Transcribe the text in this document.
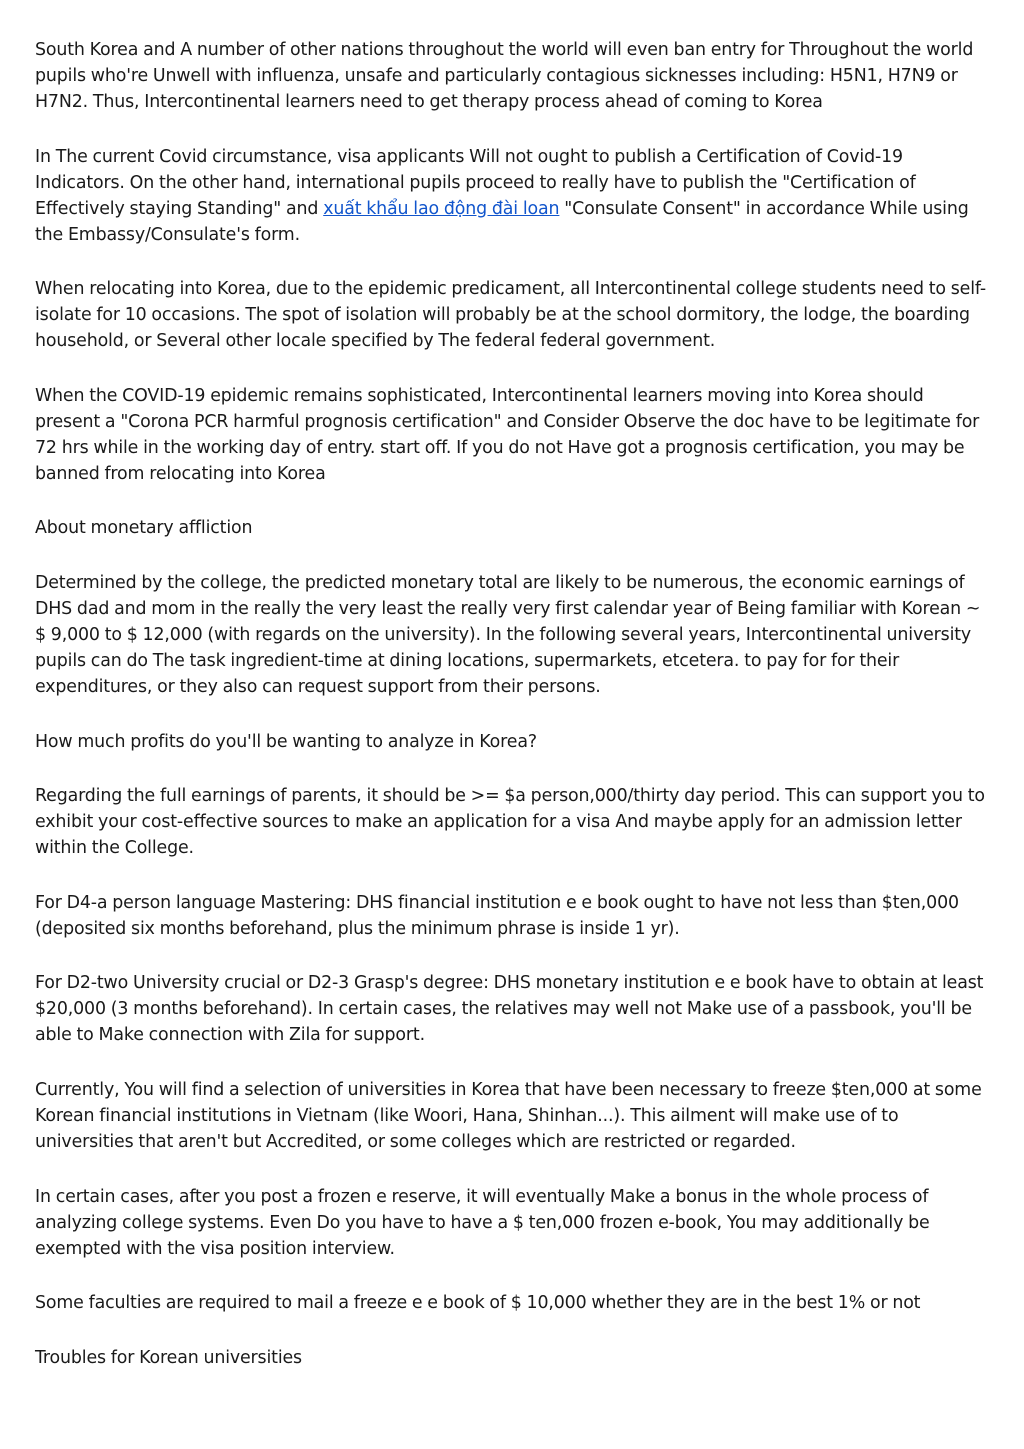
South Korea and A number of other nations throughout the world will even ban entry for Throughout the world pupils who're Unwell with influenza, unsafe and particularly contagious sicknesses including: H5N1, H7N9 or H7N2. Thus, Intercontinental learners need to get therapy process ahead of coming to Korea

In The current Covid circumstance, visa applicants Will not ought to publish a Certification of Covid-19 Indicators. On the other hand, international pupils proceed to really have to publish the "Certification of Effectively staying Standing" and xuất khẩu lao động đài loan "Consulate Consent" in accordance While using the Embassy/Consulate's form.

When relocating into Korea, due to the epidemic predicament, all Intercontinental college students need to self-isolate for 10 occasions. The spot of isolation will probably be at the school dormitory, the lodge, the boarding household, or Several other locale specified by The federal federal government.

When the COVID-19 epidemic remains sophisticated, Intercontinental learners moving into Korea should present a "Corona PCR harmful prognosis certification" and Consider Observe the doc have to be legitimate for 72 hrs while in the working day of entry. start off. If you do not Have got a prognosis certification, you may be banned from relocating into Korea

About monetary affliction

Determined by the college, the predicted monetary total are likely to be numerous, the economic earnings of DHS dad and mom in the really the very least the really very first calendar year of Being familiar with Korean ~ $ 9,000 to $ 12,000 (with regards on the university). In the following several years, Intercontinental university pupils can do The task ingredient-time at dining locations, supermarkets, etcetera. to pay for for their expenditures, or they also can request support from their persons.

How much profits do you'll be wanting to analyze in Korea?

Regarding the full earnings of parents, it should be >= $a person,000/thirty day period. This can support you to exhibit your cost-effective sources to make an application for a visa And maybe apply for an admission letter within the College.

For D4-a person language Mastering: DHS financial institution e e book ought to have not less than $ten,000 (deposited six months beforehand, plus the minimum phrase is inside 1 yr).

For D2-two University crucial or D2-3 Grasp's degree: DHS monetary institution e e book have to obtain at least $20,000 (3 months beforehand). In certain cases, the relatives may well not Make use of a passbook, you'll be able to Make connection with Zila for support.

Currently, You will find a selection of universities in Korea that have been necessary to freeze $ten,000 at some Korean financial institutions in Vietnam (like Woori, Hana, Shinhan...). This ailment will make use of to universities that aren't but Accredited, or some colleges which are restricted or regarded.

In certain cases, after you post a frozen e reserve, it will eventually Make a bonus in the whole process of analyzing college systems. Even Do you have to have a $ ten,000 frozen e-book, You may additionally be exempted with the visa position interview.

Some faculties are required to mail a freeze e e book of $ 10,000 whether they are in the best 1% or not

Troubles for Korean universities
